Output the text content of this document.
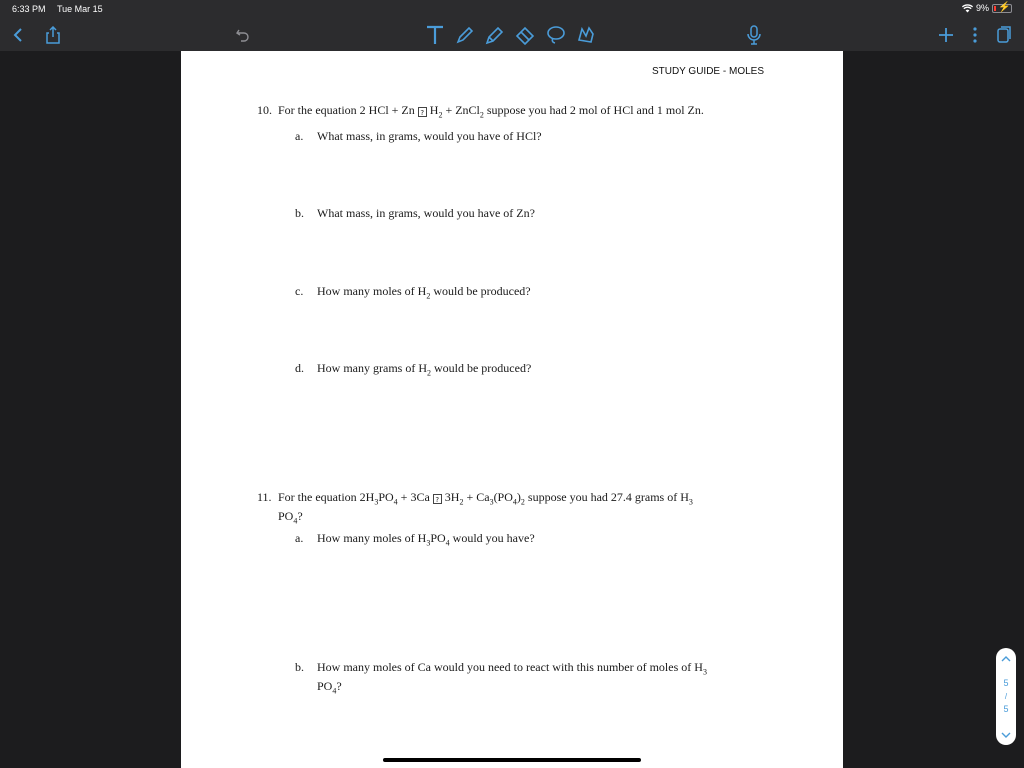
6:33 PM Tue Mar 15	9% ⚡
STUDY GUIDE - MOLES
10. For the equation 2 HCl + Zn ? $H_2$ + ZnCl$_2$ suppose you had 2 mol of HCl and 1 mol Zn.
a. What mass, in grams, would you have of HCl?
b. What mass, in grams, would you have of Zn?
c. How many moles of $H_2$ would be produced?
d. How many grams of $H_2$ would be produced?
11. For the equation $2H_3PO_4 + 3Ca$ ? $3H_2 + Ca_3(PO_4)_2$ suppose you had 27.4 grams of $H_3$
$PO_4$?
a. How many moles of $H_3PO_4$ would you have?
b. How many moles of Ca would you need to react with this number of moles of $H_3$
$PO_4$?	5
/
5
